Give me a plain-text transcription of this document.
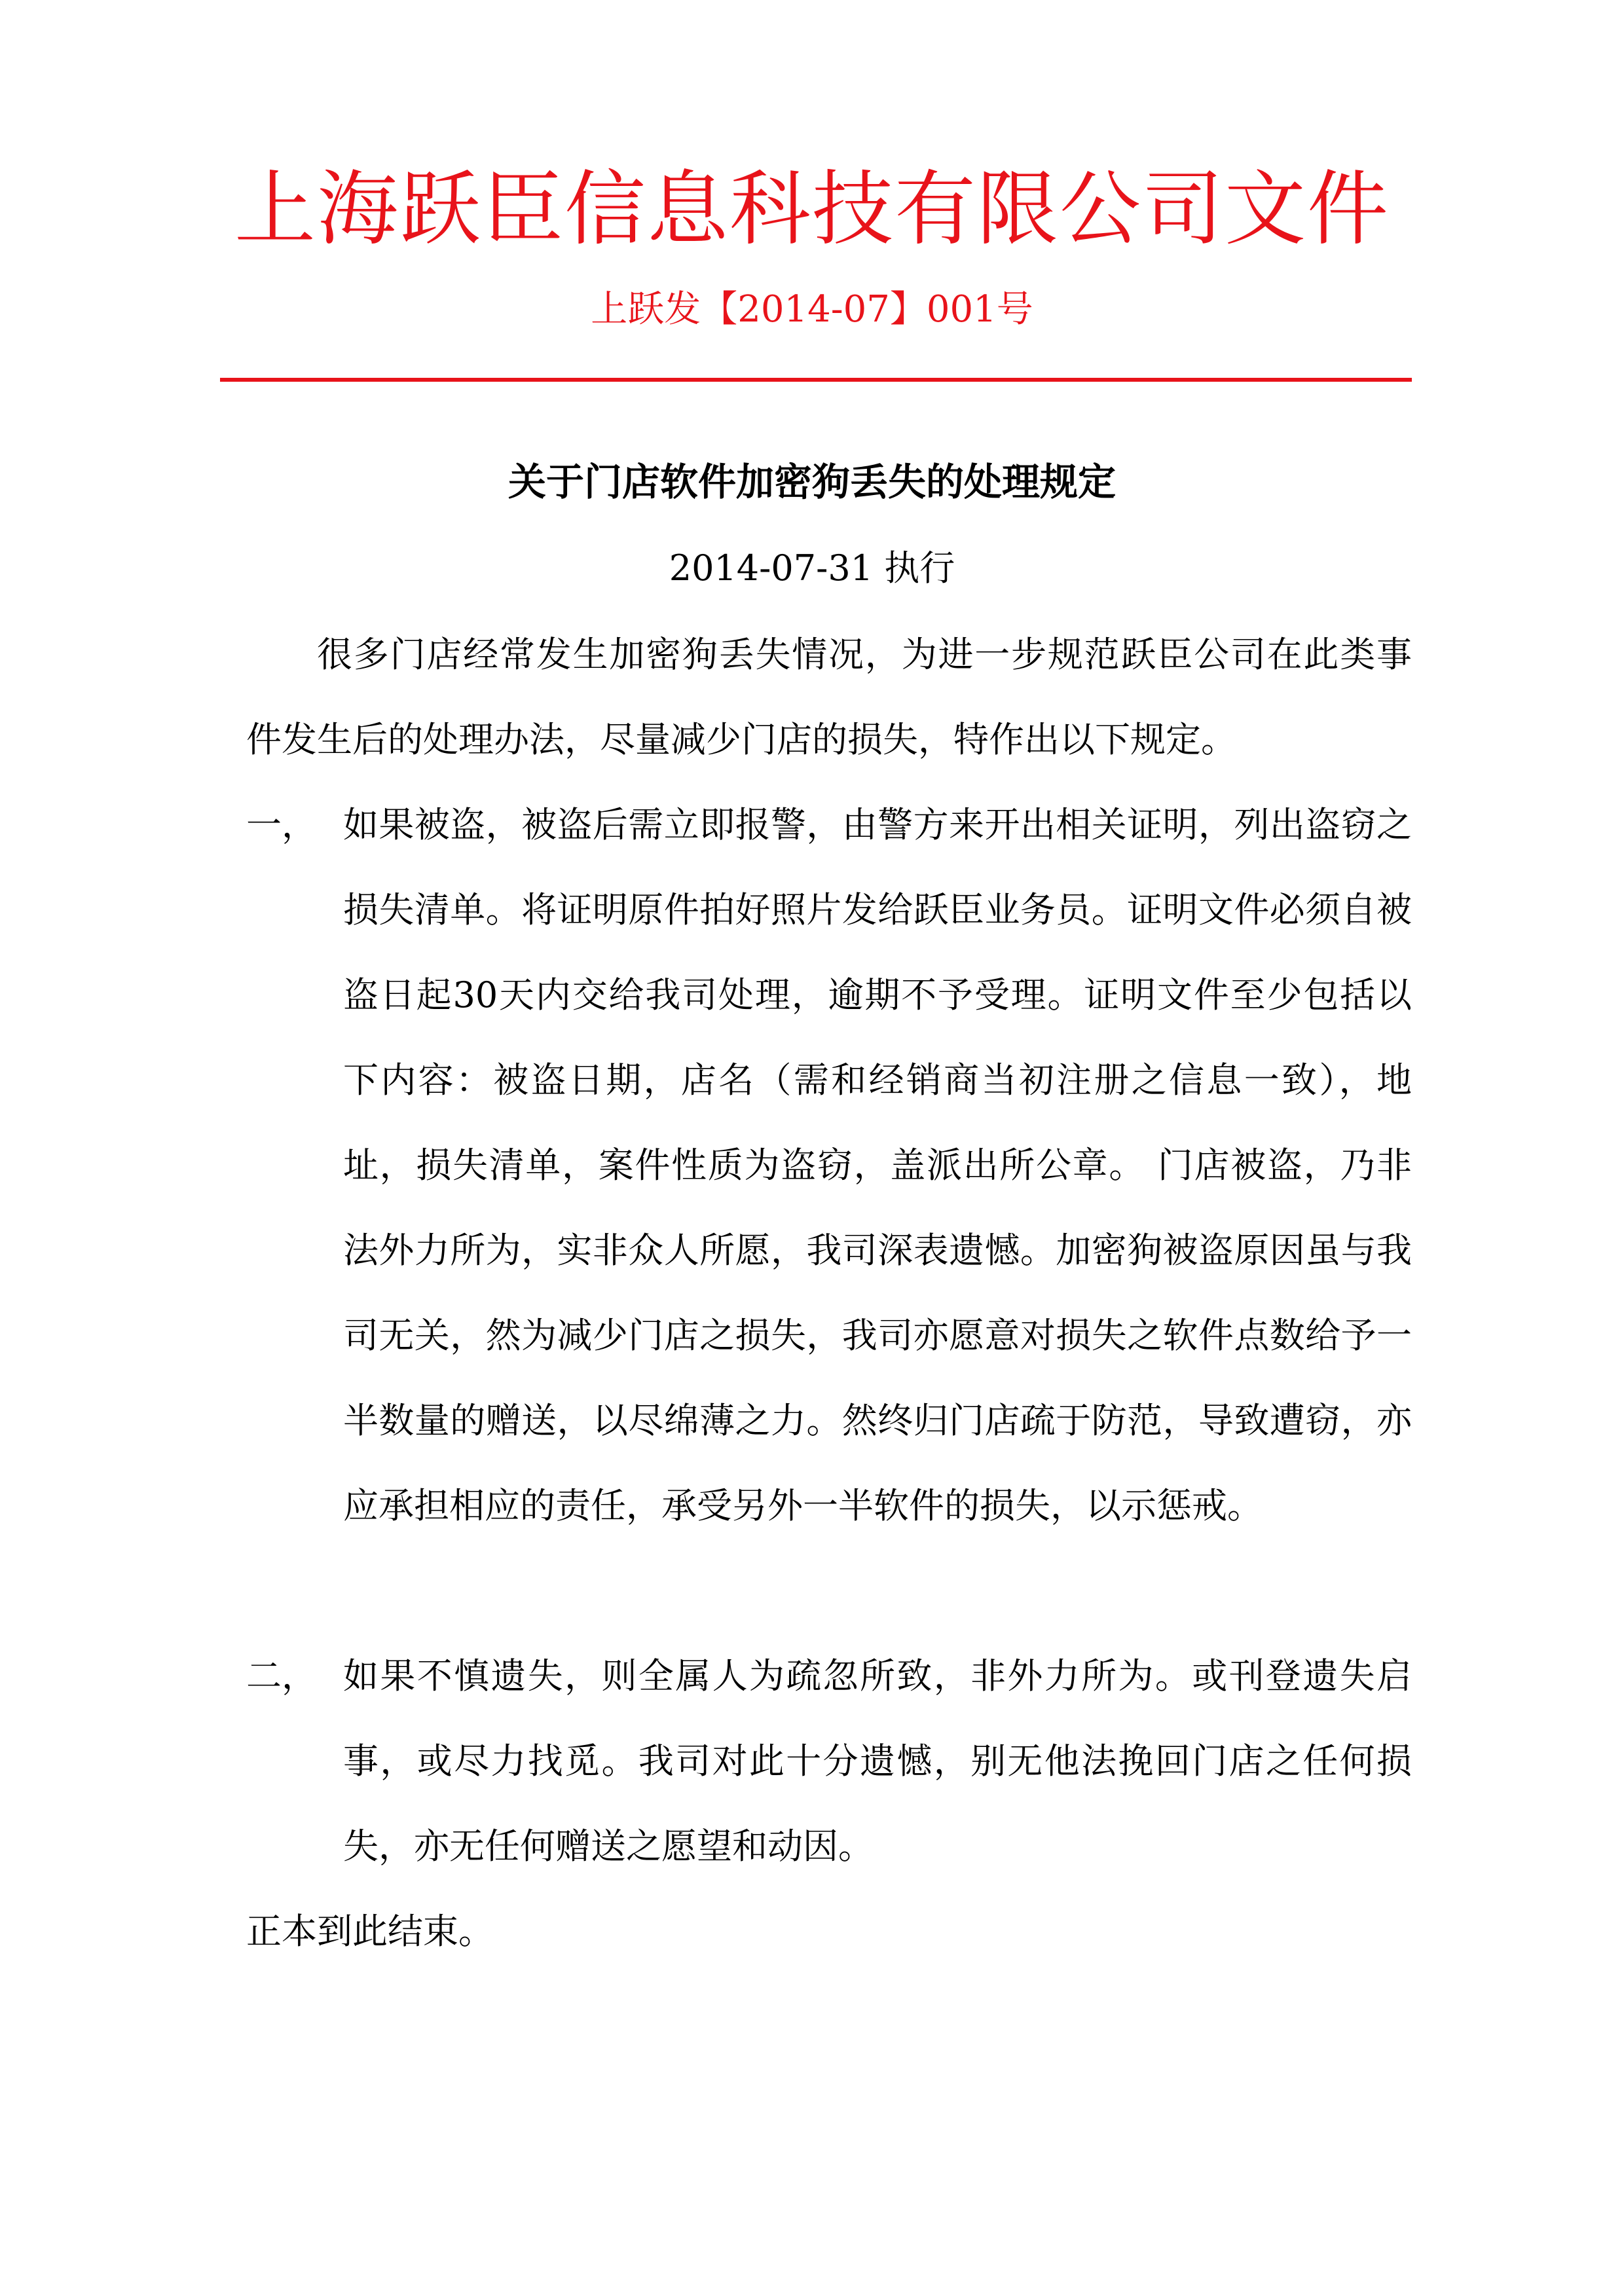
上海跃臣信息科技有限公司文件
上跃发【2014-07】001号
关于门店软件加密狗丢失的处理规定
2014-07-31 执行
很多门店经常发生加密狗丢失情况，为进一步规范跃臣公司在此类事件发生后的处理办法，尽量减少门店的损失，特作出以下规定。
一， 如果被盗，被盗后需立即报警，由警方来开出相关证明，列出盗窃之损失清单。将证明原件拍好照片发给跃臣业务员。证明文件必须自被盗日起30天内交给我司处理，逾期不予受理。证明文件至少包括以下内容：被盗日期，店名（需和经销商当初注册之信息一致），地址，损失清单，案件性质为盗窃，盖派出所公章。 门店被盗，乃非法外力所为，实非众人所愿，我司深表遗憾。加密狗被盗原因虽与我司无关，然为减少门店之损失，我司亦愿意对损失之软件点数给予一半数量的赠送，以尽绵薄之力。然终归门店疏于防范，导致遭窃，亦应承担相应的责任，承受另外一半软件的损失，以示惩戒。
二， 如果不慎遗失，则全属人为疏忽所致，非外力所为。或刊登遗失启事，或尽力找觅。我司对此十分遗憾，别无他法挽回门店之任何损失，亦无任何赠送之愿望和动因。
正本到此结束。
